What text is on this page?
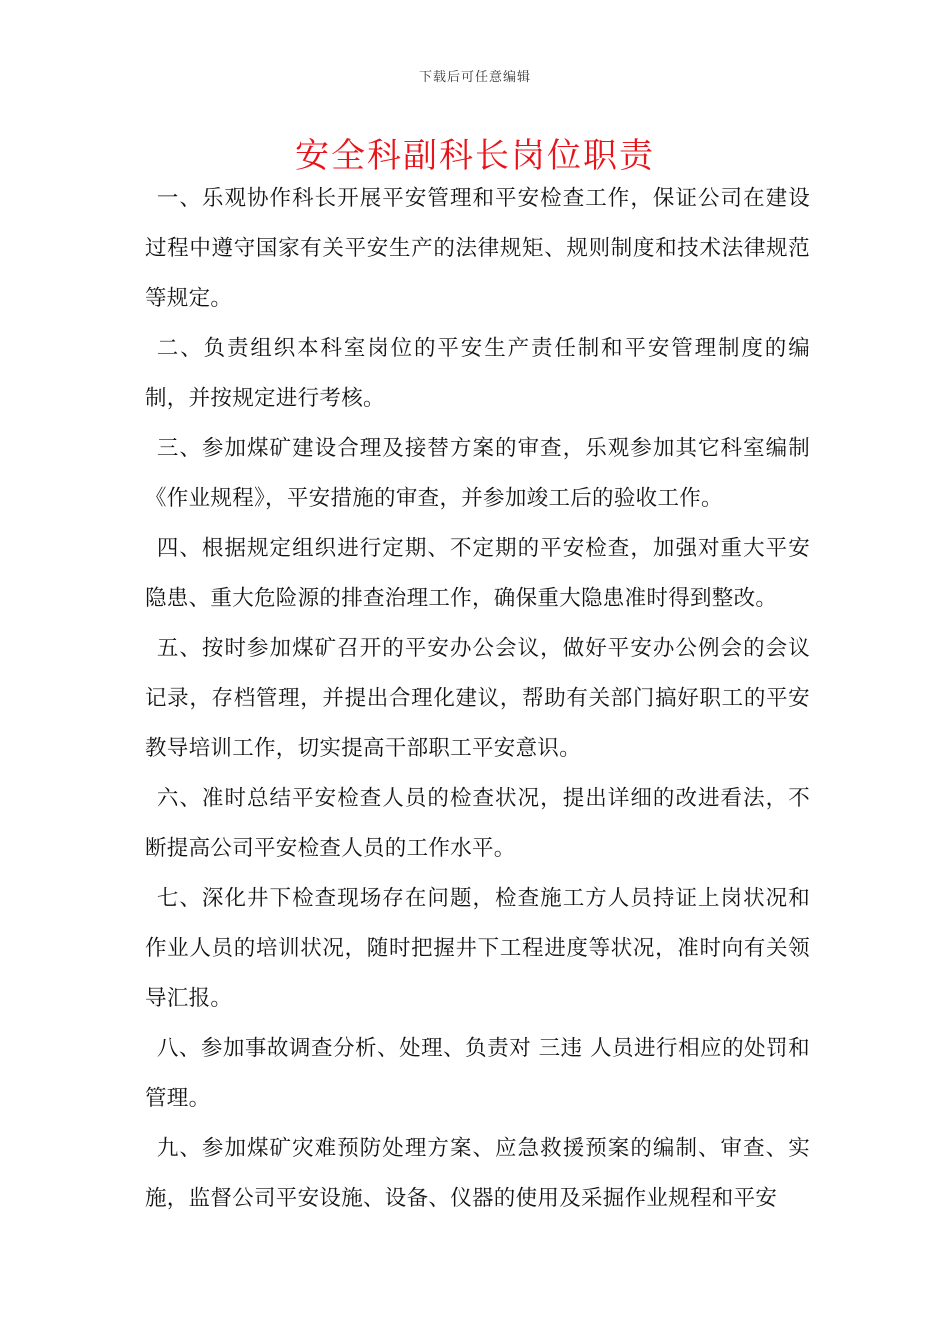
下载后可任意编辑
安全科副科长岗位职责

一、乐观协作科长开展平安管理和平安检查工作，保证公司在建设过程中遵守国家有关平安生产的法律规矩、规则制度和技术法律规范等规定。

二、负责组织本科室岗位的平安生产责任制和平安管理制度的编制，并按规定进行考核。

三、参加煤矿建设合理及接替方案的审查，乐观参加其它科室编制《作业规程》，平安措施的审查，并参加竣工后的验收工作。

四、根据规定组织进行定期、不定期的平安检查，加强对重大平安隐患、重大危险源的排查治理工作，确保重大隐患准时得到整改。

五、按时参加煤矿召开的平安办公会议，做好平安办公例会的会议记录，存档管理，并提出合理化建议，帮助有关部门搞好职工的平安教导培训工作，切实提高干部职工平安意识。

六、准时总结平安检查人员的检查状况，提出详细的改进看法，不断提高公司平安检查人员的工作水平。

七、深化井下检查现场存在问题，检查施工方人员持证上岗状况和作业人员的培训状况，随时把握井下工程进度等状况，准时向有关领导汇报。

八、参加事故调查分析、处理、负责对 三违 人员进行相应的处罚和管理。

九、参加煤矿灾难预防处理方案、应急救援预案的编制、审查、实施，监督公司平安设施、设备、仪器的使用及采掘作业规程和平安
